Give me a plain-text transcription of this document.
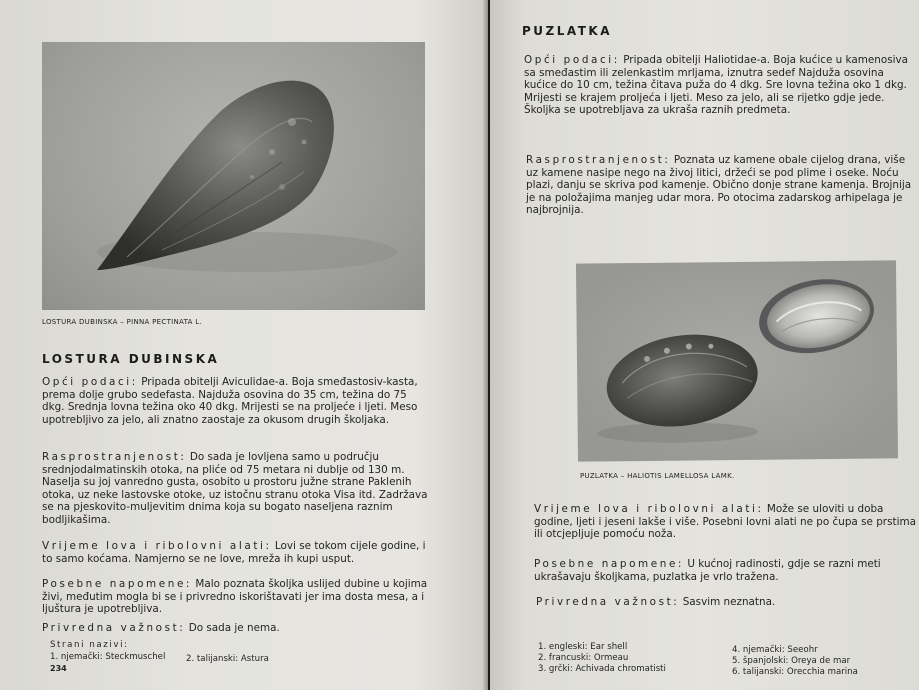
LOSTURA DUBINSKA – PINNA PECTINATA L.
LOSTURA DUBINSKA

Opći podaci: Pripada obitelji Aviculidae-a. Boja smeđastosiv-kasta, prema dolje grubo sedefasta. Najduža osovina do 35 cm, težina do 75 dkg. Srednja lovna težina oko 40 dkg. Mrijesti se na proljeće i ljeti. Meso upotrebljivo za jelo, ali znatno zaostaje za okusom drugih školjaka.

Rasprostranjenost: Do sada je lovljena samo u području srednjodalmatinskih otoka, na pliće od 75 metara ni dublje od 130 m. Naselja su joj vanredno gusta, osobito u prostoru južne strane Paklenih otoka, uz neke lastovske otoke, uz istočnu stranu otoka Visa itd. Zadržava se na pjeskovito-muljevitim dnima koja su bogato naseljena raznim bodljikašima.

Vrijeme lova i ribolovni alati: Lovi se tokom cijele godine, i to samo koćama. Namjerno se ne love, mreža ih kupi usput.

Posebne napomene: Malo poznata školjka uslijed dubine u kojima živi, međutim mogla bi se i privredno iskorištavati jer ima dosta mesa, a i ljuštura je upotrebljiva.

Privredna važnost: Do sada je nema.

Strani nazivi:
1. njemački: Steckmuschel 2. talijanski: Astura
234
PUZLATKA

Opći podaci: Pripada obitelji Haliotidae-a. Boja kućice u kamenosiva sa smeđastim ili zelenkastim mrljama, iznutra sedef Najduža osovina kućice do 10 cm, težina čitava puža do 4 dkg. Sre lovna težina oko 1 dkg. Mrijesti se krajem proljeća i ljeti. Meso za jelo, ali se rijetko gdje jede. Školjka se upotrebljava za ukraša raznih predmeta.

Rasprostranjenost: Poznata uz kamene obale cijelog drana, više uz kamene nasipe nego na živoj litici, držeći se pod plime i oseke. Noću plazi, danju se skriva pod kamenje. Obično donje strane kamenja. Brojnija je na položajima manjeg udar mora. Po otocima zadarskog arhipelaga je najbrojnija.

PUZLATKA – HALIOTIS LAMELLOSA LAMK.

Vrijeme lova i ribolovni alati: Može se uloviti u doba godine, ljeti i jeseni lakše i više. Posebni lovni alati ne po čupa se prstima ili otcjepljuje pomoću noža.

Posebne napomene: U kućnoj radinosti, gdje se razni meti ukrašavaju školjkama, puzlatka je vrlo tražena.

Privredna važnost: Sasvim neznatna.

1. engleski: Ear shell
2. francuski: Ormeau
3. grčki: Achivada chromatisti
4. njemački: Seeohr
5. španjolski: Oreya de mar
6. talijanski: Orecchia marina
